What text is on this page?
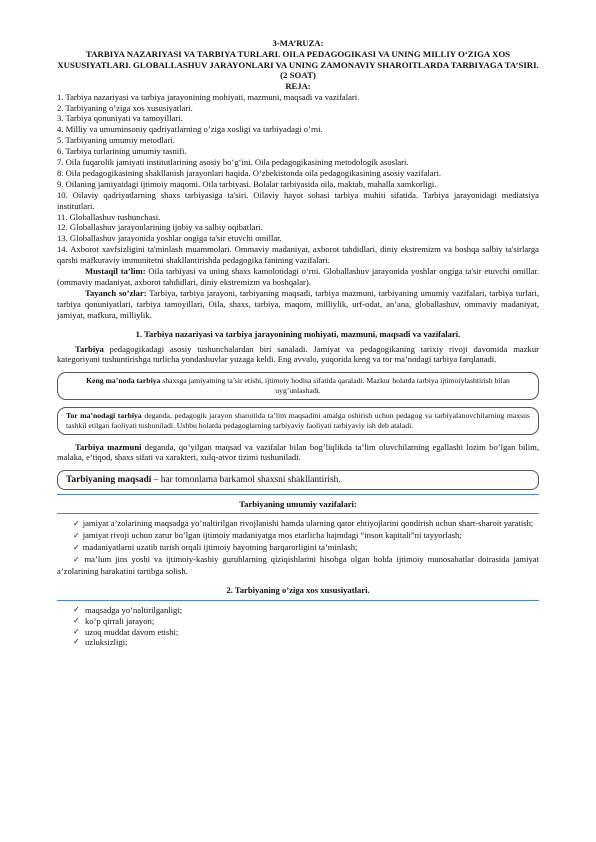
3-MA’RUZA:

TARBIYA NAZARIYASI VA TARBIYA TURLARI. OILA PEDAGOGIKASI VA UNING MILLIY O‘ZIGA XOS XUSUSIYATLARI. GLOBALLASHUV JARAYONLARI VA UNING ZAMONAVIY SHAROITLARDA TARBIYAGA TA’SIRI. (2 SOAT)

REJA:

1. Tarbiya nazariyasi va tarbiya jarayonining mohiyati, mazmuni, maqsadi va vazifalari.

2. Tarbiyaning o’ziga xos xususiyatlari.

3. Tarbiya qonuniyati va tamoyillari.

4. Milliy va umuminsoniy qadriyatlarning o’ziga xosligi va tarbiyadagi o’rni.

5. Tarbiyaning umumiy metodlari.

6. Tarbiya turlarining umumiy tasnifi.

7. Oila fuqarolik jamiyati institutlarining asosiy bo‘g‘ini. Oila pedagogikasining metodologik asoslari.

8. Oila pedagogikasining shakllanish jarayonlari haqida. O‘zbekistonda oila pedagogikasining asosiy vazifalari.

9. Oilaning jamiyatdagi ijtimoiy maqomi. Oila tarbiyasi. Bolalar tarbiyasida oila, maktab, mahalla xamkorligi.

10. Oilaviy qadriyatlarning shaxs tarbiyasiga ta'siri. Oilaviy hayot sohasi tarbiya muhiti sifatida. Tarbiya jarayonidagi mediatsiya institutlari.

11. Globallashuv tushunchasi.

12. Globallashuv jarayonlarining ijobiy va salbiy oqibatlari.

13. Globallashuv jarayonida yoshlar ongiga ta'sir etuvchi omillar.

14. Axborot xavfsizligini ta'minlash muammolari. Ommaviy madaniyat, axborot tahdidlari, diniy ekstremizm va boshqa salbiy ta'sirlarga qarshi mafkuraviy immunitetni shakllantirishda pedagogika fanining vazifalari.

Mustaqil ta’lim: Oila tarbiyasi va uning shaxs kamolotidagi o‘rni. Globallashuv jarayonida yoshlar ongiga ta'sir etuvchi omillar. (ommaviy madaniyat, axborot tahdidlari, diniy ekstremizm va boshqalar).

Tayanch so’zlar: Tarbiya, tarbiya jarayoni, tarbiyaning maqsadi, tarbiya mazmuni, tarbiyaning umumiy vazifalari, tarbiya turlari, tarbiya qonuniyatlari, tarbiya tamoyillari, Oila, shaxs, tarbiya, maqom, milliylik, urf-odat, an’ana, globallashuv, ommaviy madaniyat, jamiyat, mafkura, milliylik.

1. Tarbiya nazariyasi va tarbiya jarayonining mohiyati, mazmuni, maqsadi va vazifalari.

Tarbiya pedagogikadagi asosiy tushunchalardan biri sanaladi. Jamiyat va pedagogikaning tarixiy rivoji davomida mazkur kategoriyani tushuntirishga turlicha yondashuvlar yuzaga keldi. Eng avvalo, yuqorida keng va tor ma’nodagi tarbiya farqlanadi.

Keng ma’noda tarbiya shaxsga jamiyatning ta’sir etishi, ijtimoiy hodisa sifatida qaraladi. Mazkur holatda tarbiya ijtimoiylashtirish bilan uyg’unlashadi.
Tor ma’nodagi tarbiya deganda, pedagogik jarayon sharoitida ta’lim maqsadini amalga oshirish uchun pedagog va tarbiyalanuvchilarning maxsus tashkil etilgan faoliyati tushuniladi. Ushbu holatda pedagoglarning tarbiyaviy faoliyati tarbiyaviy ish deb ataladi.

Tarbiya mazmuni deganda, qo’yilgan maqsad va vazifalar bilan bog’liqlikda ta’lim oluvchilarning egallashi lozim bo’lgan bilim, malaka, e’tiqod, shaxs sifati va xarakteri, xulq-atvor tizimi tushuniladi.

Tarbiyaning maqsadi – har tomonlama barkamol shaxsni shakllantirish.

Tarbiyaning umumiy vazifalari:

✓ jamiyat a’zolarining maqsadga yo’naltirilgan rivojlanishi hamda ularning qator ehtiyojlarini qondirish uchun shart-sharoit yaratish;

✓ jamiyat rivoji uchun zarur bo’lgan ijtimoiy madaniyatga mos etarlicha hajmdagi “inson kapitali”ni tayyorlash;

✓ madaniyatlarni uzatib turish orqali ijtimoiy hayotning barqarorligini ta’minlash;

✓ ma’lum jins yoshi va ijtimoiy-kasbiy guruhlarning qiziqishlarini hisobga olgan holda ijtimoiy munosabatlar doirasida jamiyat a’zolarining harakatini tartibga solish.

2. Tarbiyaning o’ziga xos xususiyatlari.

✓ maqsadga yo’naltirilganligi;

✓ ko’p qirrali jarayon;

✓ uzoq muddat davom etishi;

✓ uzluksizligi;
